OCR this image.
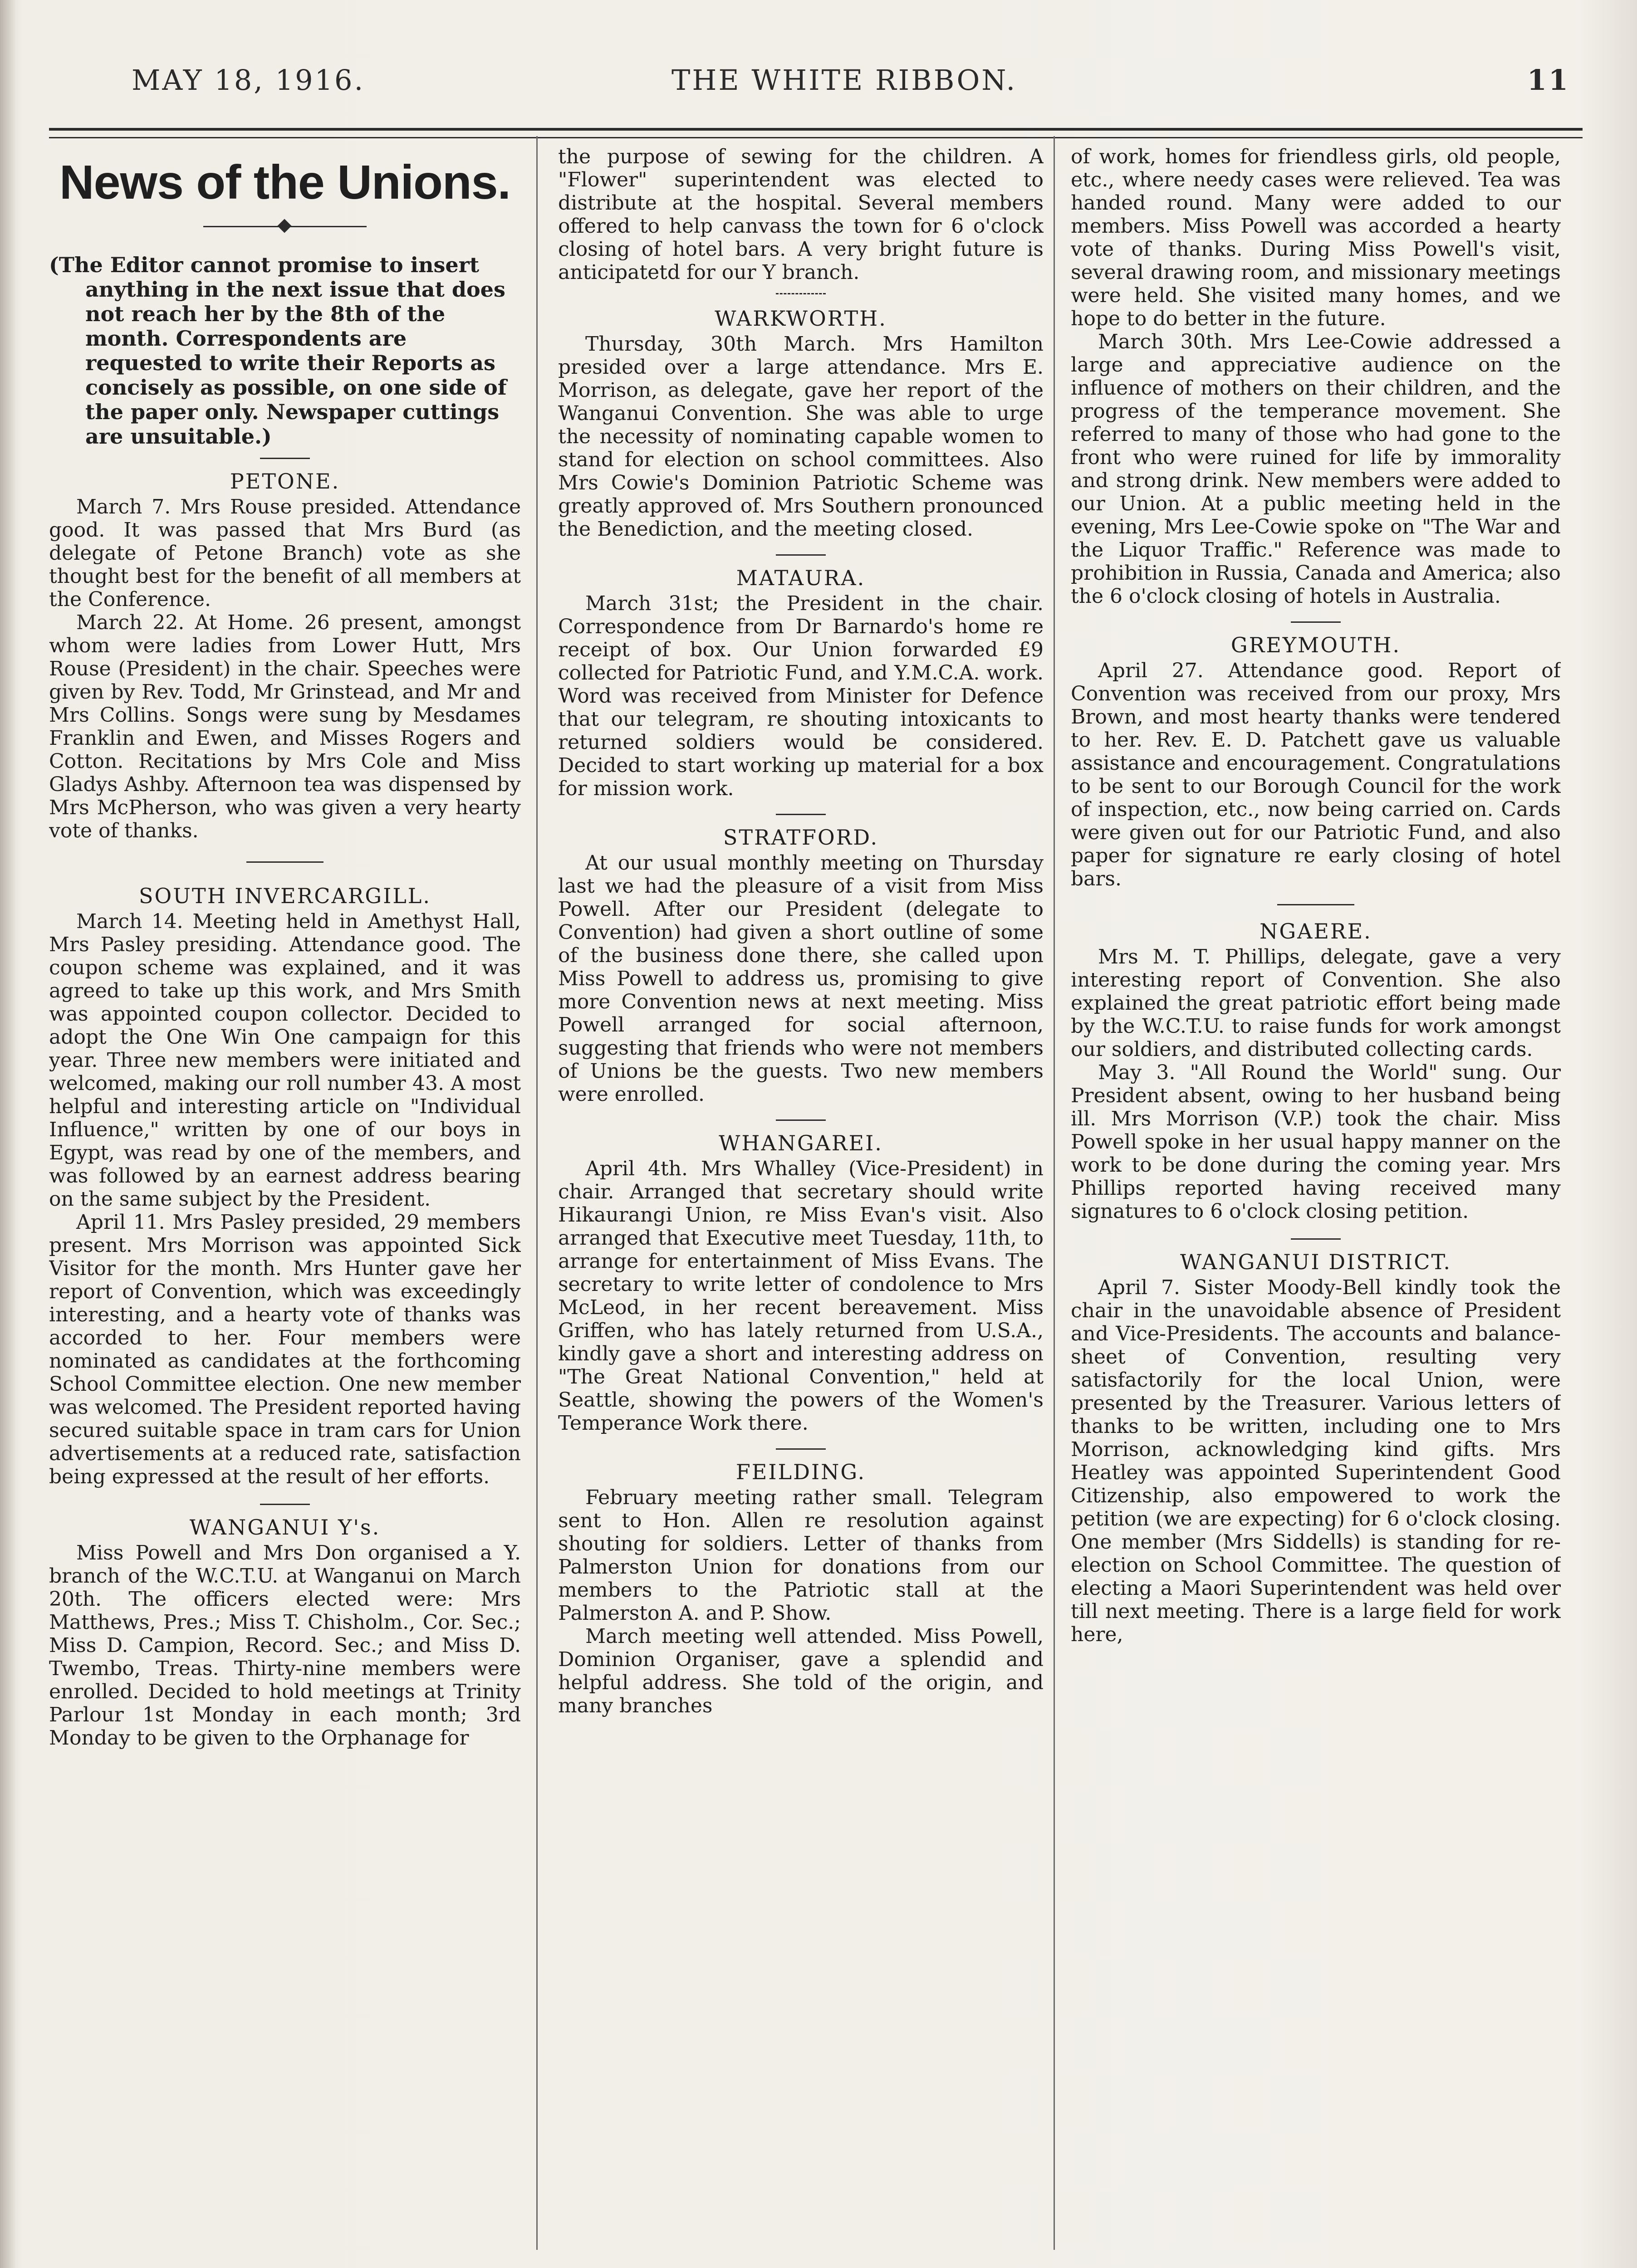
MAY 18, 1916.	THE WHITE RIBBON.	11
News of the Unions.
(The Editor cannot promise to insert anything in the next issue that does not reach her by the 8th of the month. Correspondents are requested to write their Reports as concisely as possible, on one side of the paper only. Newspaper cuttings are unsuitable.)
PETONE.

March 7. Mrs Rouse presided. Attendance good. It was passed that Mrs Burd (as delegate of Petone Branch) vote as she thought best for the benefit of all members at the Conference.

March 22. At Home. 26 present, amongst whom were ladies from Lower Hutt, Mrs Rouse (President) in the chair. Speeches were given by Rev. Todd, Mr Grinstead, and Mr and Mrs Collins. Songs were sung by Mesdames Franklin and Ewen, and Misses Rogers and Cotton. Recitations by Mrs Cole and Miss Gladys Ashby. Afternoon tea was dispensed by Mrs McPherson, who was given a very hearty vote of thanks.

SOUTH INVERCARGILL.

March 14. Meeting held in Amethyst Hall, Mrs Pasley presiding. Attendance good. The coupon scheme was explained, and it was agreed to take up this work, and Mrs Smith was appointed coupon collector. Decided to adopt the One Win One campaign for this year. Three new members were initiated and welcomed, making our roll number 43. A most helpful and interesting article on "Individual Influence," written by one of our boys in Egypt, was read by one of the members, and was followed by an earnest address bearing on the same subject by the President.

April 11. Mrs Pasley presided, 29 members present. Mrs Morrison was appointed Sick Visitor for the month. Mrs Hunter gave her report of Convention, which was exceedingly interesting, and a hearty vote of thanks was accorded to her. Four members were nominated as candidates at the forthcoming School Committee election. One new member was welcomed. The President reported having secured suitable space in tram cars for Union advertisements at a reduced rate, satisfaction being expressed at the result of her efforts.

WANGANUI Y's.

Miss Powell and Mrs Don organised a Y. branch of the W.C.T.U. at Wanganui on March 20th. The officers elected were: Mrs Matthews, Pres.; Miss T. Chisholm., Cor. Sec.; Miss D. Campion, Record. Sec.; and Miss D. Twembo, Treas. Thirty-nine members were enrolled. Decided to hold meetings at Trinity Parlour 1st Monday in each month; 3rd Monday to be given to the Orphanage for

the purpose of sewing for the children. A "Flower" superintendent was elected to distribute at the hospital. Several members offered to help canvass the town for 6 o'clock closing of hotel bars. A very bright future is anticipatetd for our Y branch.

WARKWORTH.

Thursday, 30th March. Mrs Hamilton presided over a large attendance. Mrs E. Morrison, as delegate, gave her report of the Wanganui Convention. She was able to urge the necessity of nominating capable women to stand for election on school committees. Also Mrs Cowie's Dominion Patriotic Scheme was greatly approved of. Mrs Southern pronounced the Benediction, and the meeting closed.

MATAURA.

March 31st; the President in the chair. Correspondence from Dr Barnardo's home re receipt of box. Our Union forwarded £9 collected for Patriotic Fund, and Y.M.C.A. work. Word was received from Minister for Defence that our telegram, re shouting intoxicants to returned soldiers would be considered. Decided to start working up material for a box for mission work.

STRATFORD.

At our usual monthly meeting on Thursday last we had the pleasure of a visit from Miss Powell. After our President (delegate to Convention) had given a short outline of some of the business done there, she called upon Miss Powell to address us, promising to give more Convention news at next meeting. Miss Powell arranged for social afternoon, suggesting that friends who were not members of Unions be the guests. Two new members were enrolled.

WHANGAREI.

April 4th. Mrs Whalley (Vice-President) in chair. Arranged that secretary should write Hikaurangi Union, re Miss Evan's visit. Also arranged that Executive meet Tuesday, 11th, to arrange for entertainment of Miss Evans. The secretary to write letter of condolence to Mrs McLeod, in her recent bereavement. Miss Griffen, who has lately returned from U.S.A., kindly gave a short and interesting address on "The Great National Convention," held at Seattle, showing the powers of the Women's Temperance Work there.

FEILDING.

February meeting rather small. Telegram sent to Hon. Allen re resolution against shouting for soldiers. Letter of thanks from Palmerston Union for donations from our members to the Patriotic stall at the Palmerston A. and P. Show.

March meeting well attended. Miss Powell, Dominion Organiser, gave a splendid and helpful address. She told of the origin, and many branches

of work, homes for friendless girls, old people, etc., where needy cases were relieved. Tea was handed round. Many were added to our members. Miss Powell was accorded a hearty vote of thanks. During Miss Powell's visit, several drawing room, and missionary meetings were held. She visited many homes, and we hope to do better in the future.

March 30th. Mrs Lee-Cowie addressed a large and appreciative audience on the influence of mothers on their children, and the progress of the temperance movement. She referred to many of those who had gone to the front who were ruined for life by immorality and strong drink. New members were added to our Union. At a public meeting held in the evening, Mrs Lee-Cowie spoke on "The War and the Liquor Traffic." Reference was made to prohibition in Russia, Canada and America; also the 6 o'clock closing of hotels in Australia.

GREYMOUTH.

April 27. Attendance good. Report of Convention was received from our proxy, Mrs Brown, and most hearty thanks were tendered to her. Rev. E. D. Patchett gave us valuable assistance and encouragement. Congratulations to be sent to our Borough Council for the work of inspection, etc., now being carried on. Cards were given out for our Patriotic Fund, and also paper for signature re early closing of hotel bars.

NGAERE.

Mrs M. T. Phillips, delegate, gave a very interesting report of Convention. She also explained the great patriotic effort being made by the W.C.T.U. to raise funds for work amongst our soldiers, and distributed collecting cards.

May 3. "All Round the World" sung. Our President absent, owing to her husband being ill. Mrs Morrison (V.P.) took the chair. Miss Powell spoke in her usual happy manner on the work to be done during the coming year. Mrs Phillips reported having received many signatures to 6 o'clock closing petition.

WANGANUI DISTRICT.

April 7. Sister Moody-Bell kindly took the chair in the unavoidable absence of President and Vice-Presidents. The accounts and balance-sheet of Convention, resulting very satisfactorily for the local Union, were presented by the Treasurer. Various letters of thanks to be written, including one to Mrs Morrison, acknowledging kind gifts. Mrs Heatley was appointed Superintendent Good Citizenship, also empowered to work the petition (we are expecting) for 6 o'clock closing. One member (Mrs Siddells) is standing for re-election on School Committee. The question of electing a Maori Superintendent was held over till next meeting. There is a large field for work here,
